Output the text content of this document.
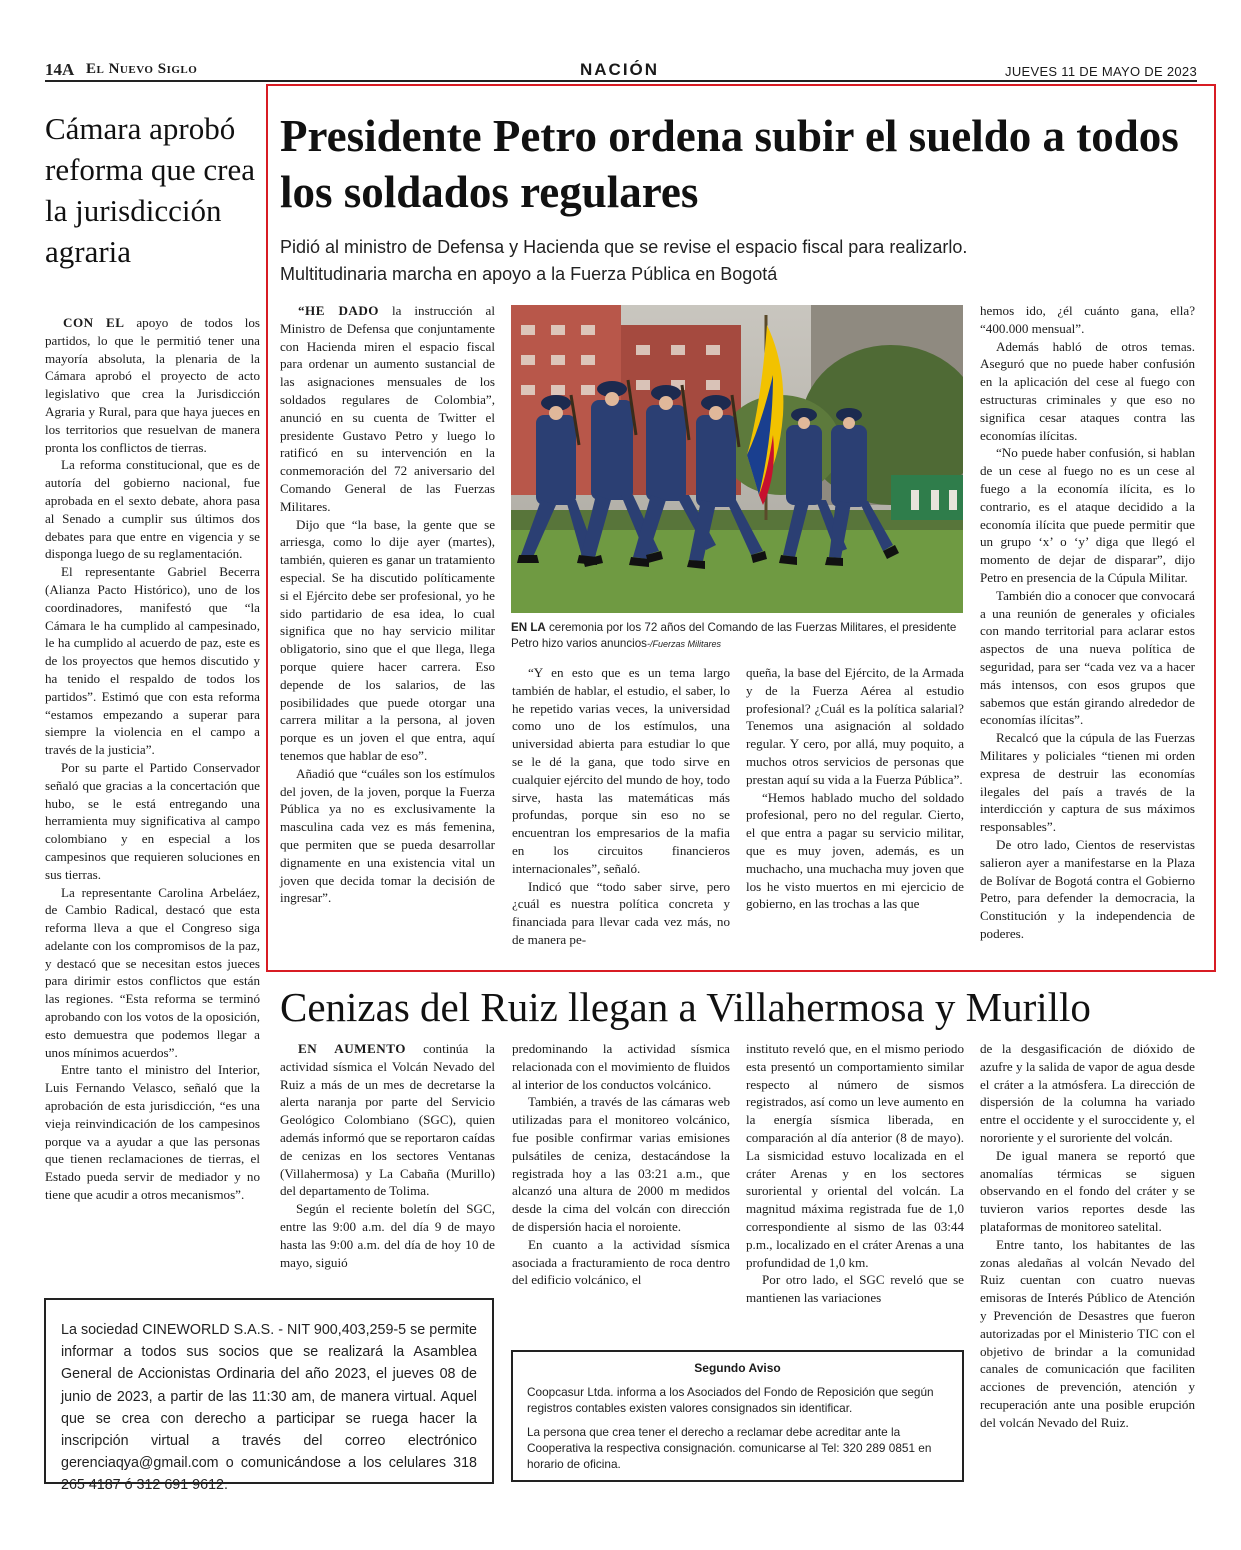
14A El Nuevo Siglo	NACIÓN	JUEVES 11 DE MAYO DE 2023
Cámara aprobó reforma que crea la jurisdicción agraria

CON EL apoyo de todos los partidos, lo que le permitió tener una mayoría absoluta, la plenaria de la Cámara aprobó el proyecto de acto legislativo que crea la Jurisdicción Agraria y Rural, para que haya jueces en los territorios que resuelvan de manera pronta los conflictos de tierras.

La reforma constitucional, que es de autoría del gobierno nacional, fue aprobada en el sexto debate, ahora pasa al Senado a cumplir sus últimos dos debates para que entre en vigencia y se disponga luego de su reglamentación.

El representante Gabriel Becerra (Alianza Pacto Histórico), uno de los coordinadores, manifestó que “la Cámara le ha cumplido al campesinado, le ha cumplido al acuerdo de paz, este es de los proyectos que hemos discutido y ha tenido el respaldo de todos los partidos”. Estimó que con esta reforma “estamos empezando a superar para siempre la violencia en el campo a través de la justicia”.

Por su parte el Partido Conservador señaló que gracias a la concertación que hubo, se le está entregando una herramienta muy significativa al campo colombiano y en especial a los campesinos que requieren soluciones en sus tierras.

La representante Carolina Arbeláez, de Cambio Radical, destacó que esta reforma lleva a que el Congreso siga adelante con los compromisos de la paz, y destacó que se necesitan estos jueces para dirimir estos conflictos que están las regiones. “Esta reforma se terminó aprobando con los votos de la oposición, esto demuestra que podemos llegar a unos mínimos acuerdos”.

Entre tanto el ministro del Interior, Luis Fernando Velasco, señaló que la aprobación de esta jurisdicción, “es una vieja reinvindicación de los campesinos porque va a ayudar a que las personas que tienen reclamaciones de tierras, el Estado pueda servir de mediador y no tiene que acudir a otros mecanismos”.

Presidente Petro ordena subir el sueldo a todos los soldados regulares
Pidió al ministro de Defensa y Hacienda que se revise el espacio fiscal para realizarlo.
Multitudinaria marcha en apoyo a la Fuerza Pública en Bogotá

“HE DADO la instrucción al Ministro de Defensa que conjuntamente con Hacienda miren el espacio fiscal para ordenar un aumento sustancial de las asignaciones mensuales de los soldados regulares de Colombia”, anunció en su cuenta de Twitter el presidente Gustavo Petro y luego lo ratificó en su intervención en la conmemoración del 72 aniversario del Comando General de las Fuerzas Militares.

Dijo que “la base, la gente que se arriesga, como lo dije ayer (martes), también, quieren es ganar un tratamiento especial. Se ha discutido políticamente si el Ejército debe ser profesional, yo he sido partidario de esa idea, lo cual significa que no hay servicio militar obligatorio, sino que el que llega, llega porque quiere hacer carrera. Eso depende de los salarios, de las posibilidades que puede otorgar una carrera militar a la persona, al joven porque es un joven el que entra, aquí tenemos que hablar de eso”.

Añadió que “cuáles son los estímulos del joven, de la joven, porque la Fuerza Pública ya no es exclusivamente la masculina cada vez es más femenina, que permiten que se pueda desarrollar dignamente en una existencia vital un joven que decida tomar la decisión de ingresar”.

EN LA ceremonia por los 72 años del Comando de las Fuerzas Militares, el presidente Petro hizo varios anuncios-/Fuerzas Militares

“Y en esto que es un tema largo también de hablar, el estudio, el saber, lo he repetido varias veces, la universidad como uno de los estímulos, una universidad abierta para estudiar lo que se le dé la gana, que todo sirve en cualquier ejército del mundo de hoy, todo sirve, hasta las matemáticas más profundas, porque sin eso no se encuentran los empresarios de la mafia en los circuitos financieros internacionales”, señaló.

Indicó que “todo saber sirve, pero ¿cuál es nuestra política concreta y financiada para llevar cada vez más, no de manera pe-

queña, la base del Ejército, de la Armada y de la Fuerza Aérea al estudio profesional? ¿Cuál es la política salarial? Tenemos una asignación al soldado regular. Y cero, por allá, muy poquito, a muchos otros servicios de personas que prestan aquí su vida a la Fuerza Pública”.

“Hemos hablado mucho del soldado profesional, pero no del regular. Cierto, el que entra a pagar su servicio militar, que es muy joven, además, es un muchacho, una muchacha muy joven que los he visto muertos en mi ejercicio de gobierno, en las trochas a las que

hemos ido, ¿él cuánto gana, ella? “400.000 mensual”.

Además habló de otros temas. Aseguró que no puede haber confusión en la aplicación del cese al fuego con estructuras criminales y que eso no significa cesar ataques contra las economías ilícitas.

“No puede haber confusión, si hablan de un cese al fuego no es un cese al fuego a la economía ilícita, es lo contrario, es el ataque decidido a la economía ilícita que puede permitir que un grupo ‘x’ o ‘y’ diga que llegó el momento de dejar de disparar”, dijo Petro en presencia de la Cúpula Militar.

También dio a conocer que convocará a una reunión de generales y oficiales con mando territorial para aclarar estos aspectos de una nueva política de seguridad, para ser “cada vez va a hacer más intensos, con esos grupos que sabemos que están girando alrededor de economías ilícitas”.

Recalcó que la cúpula de las Fuerzas Militares y policiales “tienen mi orden expresa de destruir las economías ilegales del país a través de la interdicción y captura de sus máximos responsables”.

De otro lado, Cientos de reservistas salieron ayer a manifestarse en la Plaza de Bolívar de Bogotá contra el Gobierno Petro, para defender la democracia, la Constitución y la independencia de poderes.

Cenizas del Ruiz llegan a Villahermosa y Murillo

EN AUMENTO continúa la actividad sísmica el Volcán Nevado del Ruiz a más de un mes de decretarse la alerta naranja por parte del Servicio Geológico Colombiano (SGC), quien además informó que se reportaron caídas de cenizas en los sectores Ventanas (Villahermosa) y La Cabaña (Murillo) del departamento de Tolima.

Según el reciente boletín del SGC, entre las 9:00 a.m. del día 9 de mayo hasta las 9:00 a.m. del día de hoy 10 de mayo, siguió

predominando la actividad sísmica relacionada con el movimiento de fluidos al interior de los conductos volcánico.

También, a través de las cámaras web utilizadas para el monitoreo volcánico, fue posible confirmar varias emisiones pulsátiles de ceniza, destacándose la registrada hoy a las 03:21 a.m., que alcanzó una altura de 2000 m medidos desde la cima del volcán con dirección de dispersión hacia el noroiente.

En cuanto a la actividad sísmica asociada a fracturamiento de roca dentro del edificio volcánico, el

instituto reveló que, en el mismo periodo esta presentó un comportamiento similar respecto al número de sismos registrados, así como un leve aumento en la energía sísmica liberada, en comparación al día anterior (8 de mayo). La sismicidad estuvo localizada en el cráter Arenas y en los sectores suroriental y oriental del volcán. La magnitud máxima registrada fue de 1,0 correspondiente al sismo de las 03:44 p.m., localizado en el cráter Arenas a una profundidad de 1,0 km.

Por otro lado, el SGC reveló que se mantienen las variaciones

de la desgasificación de dióxido de azufre y la salida de vapor de agua desde el cráter a la atmósfera. La dirección de dispersión de la columna ha variado entre el occidente y el suroccidente y, el nororiente y el suroriente del volcán.

De igual manera se reportó que anomalías térmicas se siguen observando en el fondo del cráter y se tuvieron varios reportes desde las plataformas de monitoreo satelital.

Entre tanto, los habitantes de las zonas aledañas al volcán Nevado del Ruiz cuentan con cuatro nuevas emisoras de Interés Público de Atención y Prevención de Desastres que fueron autorizadas por el Ministerio TIC con el objetivo de brindar a la comunidad canales de comunicación que faciliten acciones de prevención, atención y recuperación ante una posible erupción del volcán Nevado del Ruiz.

La sociedad CINEWORLD S.A.S. - NIT 900,403,259-5 se permite informar a todos sus socios que se realizará la Asamblea General de Accionistas Ordinaria del año 2023, el jueves 08 de junio de 2023, a partir de las 11:30 am, de manera virtual. Aquel que se crea con derecho a participar se ruega hacer la inscripción virtual a través del correo electrónico gerenciaqya@gmail.com o comunicándose a los celulares 318 265 4187 ó 312 691 9612.

Segundo Aviso

Coopcasur Ltda. informa a los Asociados del Fondo de Reposición que según registros contables existen valores consignados sin identificar.

La persona que crea tener el derecho a reclamar debe acreditar ante la Cooperativa la respectiva consignación. comunicarse al Tel: 320 289 0851 en horario de oficina.
